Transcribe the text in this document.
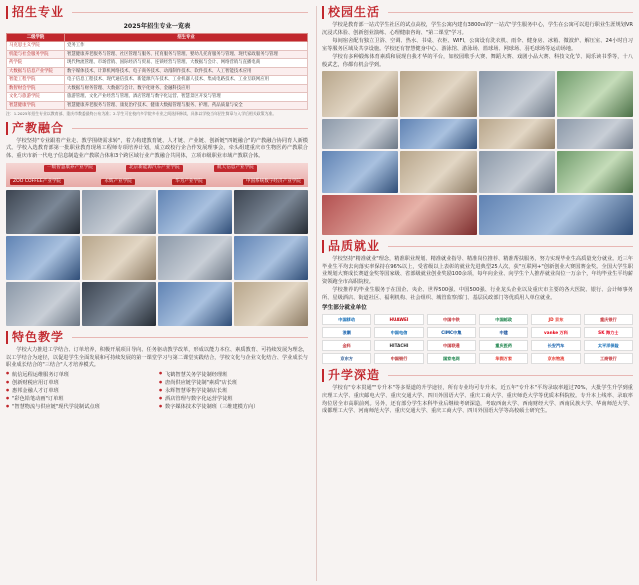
招生专业
2025年招生专业一览表
二级学院	招生专业
马克思主义学院	党务工作
机能与社会服务学院	智慧健康养老服务与管理、社区管理与服务、托育服务与管理、婴幼儿托育服务与管理、现代家政服务与管理
药学院	现代物流管理、市场营销、国际经济与贸易、连锁经营与管理、大数据与会计、网络营销与直播电商
大数据与信息产业学院	数字媒体技术、计算机网络技术、电子商务技术、动漫制作技术、软件技术、人工智能技术应用
智能工程学院	电子信息工程技术、现代通信技术、新能源汽车技术、工业机器人技术、集成电路技术、工业互联网应用
数智财会学院	大数据与财务管理、大数据与会计、数字化财务、金融科技应用
文化与旅游学院	旅游管理、文化产业经营与管理、酒店管理与数字化运营、智慧景区开发与管理
智慧健康学院	智慧健康养老服务与管理、康复治疗技术、健康大数据管理与服务、护理、药品质量与安全
注：1.2025年招生专业以教育部、重庆市教委最终公布为准；2.学生可在校内多学院多专业之间选择修读，具体以学校当年招生简章与入学后相关政策为准。
产教融合

学校坚持"专业跟着产业走、教学围绕需求转"，着力构建教育链、人才链、产业链、创新链"四链融合"的产教融合协同育人新模式。学校入选教育部第一批职业教育现场工程师专项培养计划，成立政校行企合作发展理事会，牵头组建重庆市生物医药产教联合体、重庆市新一代电子信息制造业产教联合体和3个跨区域行业产教融合共同体，立项市级职业市域产教联合体。

一级智慧康养产业学院	北京新能源汽车产业学院	航天信息产业学院
ZOO COFFEE产业学院	永辉产业学院	华为产业学院	中国系统数字经济产业学院
特色教学

学校大力推进工学结合、订单培养，积极开展项目导向、任务驱动教学改革，形成以能力本位、素质教育、可持续发展为理念，以工学结合为途径，以促进学生全面发展和可持续发展的第一课堂学习与第二课堂实践结合，学校文化与企业文化结合、学业成长与职业成长结合的"三结合"人才培养模式。

● 航信远程运维服务订单班	● 飞鹤智慧关务学徒制经理班
● 创新财税应用订单班	● 唐尚供应链学徒制"素质"店长班
● 惠邦金融人才订单班	● 永辉智慧零售学徒制店长班
● "彩色铅笔动画"订单班	● 酒店管理与数字化运营学徒班
● "智慧物流与供应链"现代学徒制试点班	● 数字媒体技术学徒制班（三维建模方向）
校园生活

学校是教育部一站式学生社区的试点高校，学生公寓内建有3800㎡的"一站式"学生服务中心，学生在公寓可以进行职业生涯规划VR沉浸式体验、创新创业演练、心理健康咨询、"第二课堂"学习。

每间宿舍配有独立卫浴、空调、热水、书桌、衣柜、WIFI，公寓设有洗衣机、雨伞、健身房、冰箱、微波炉、解压室、24小时自习室等服务区域及共享设施。学校还有智慧健身中心、游泳馆、游泳场、篮球场、网球场、羽毛球场等运动场地。

学校有多种锻炼体育素质和展现自我才华的平台，如校园歌手大赛、舞蹈大赛、戏剧小品大赛、科技文化节、阅乐读书季等，十八般武艺，你都有机会学到。

品质就业

学校坚持"精准就业"理念，精准职业规划、精准就业指导、精准岗位推荐、精准帮扶服务，努力实现毕业生高质量充分就业。近三年毕业生平均去向落实率保持在96%以上，受省级以上表彰的就业先进典型25人次，获"互联网+"创新创业大赛国赛金奖。全国大学生职业规划大赛成长赛道金奖等国家级、省部级就业创业奖励100余项，每年向企业、向学生个人推荐就业岗位一万余个，年均毕业生平均薪资领跑全市高职院校。

学校推荐的毕业生服务于在国企、央企、世界500强、中国500强、行业龙头企业以及重庆市主要的各大医院、银行、会计师事务所、星级酒店、街道社区、福利机构、社会组织、城管监察部门、基层民政部门等优质用人单位就业。

学生部分就业单位
中国移动	HUAWEI	中国中铁	中国邮政	JD 京东	重庆银行
浪潮	中国电信	CIMC中集	中建	vanke 万科	SK 海力士
金科	HITACHI	中国联通	重庆医药	长安汽车	太平洋保险
京东方	中国银行	国家电网	华润万家	京东物流	工商银行
升学深造

学校有"专本贯通""专升本"等多渠道的升学途径，所有专业均可专升本。近五年"专升本"平均录取率超过70%，大批学生升学到重庆理工大学、重庆邮电大学、重庆交通大学、四川外国语大学、重庆工商大学、重庆师范大学等优质本科院校。专升本上线率、录取率均位居全市高职前列。另外，还有部分学生本科毕业后继续考研深造，考取西南大学、西南财经大学、西南民族大学、华南师范大学、成都理工大学、河南师范大学、重庆交通大学、重庆工商大学、四川外国语大学等高校硕士研究生。
